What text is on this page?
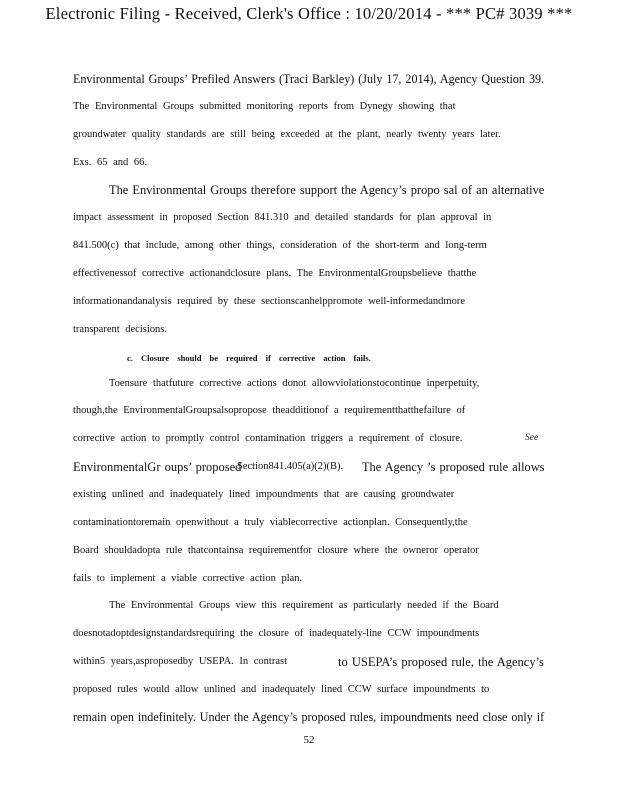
Electronic Filing - Received, Clerk's Office : 10/20/2014 - *** PC# 3039 ***
Environmental Groups’ Prefiled Answers (Traci Barkley) (July 17, 2014), Agency Question 39.
The Environmental Groups submitted monitoring reports from Dynegy showing that
groundwater quality standards are still being exceeded at the plant, nearly twenty years later.
Exs. 65 and 66.
The Environmental Groups therefore support the Agency’s propo sal of an alternative
impact assessment in proposed Section 841.310 and detailed standards for plan approval in
841.500(c) that include, among other things, consideration of the short-term and long-term
effectivenessof corrective actionandclosure plans. The EnvironmentalGroupsbelieve thatthe
informationandanalysis required by these sectionscanhelppromote well-informedandmore
transparent decisions.
c. Closure should be required if corrective action fails.
Toensure thatfuture corrective actions donot allowviolationstocontinue inperpetuity,
though,the EnvironmentalGroupsalsopropose theadditionof a requirementthatthefailure of
corrective action to promptly control contamination triggers a requirement of closure.	See
EnvironmentalGr oups’ proposed
Section841.405(a)(2)(B). The Agency ’s proposed rule allows
existing unlined and inadequately lined impoundments that are causing groundwater
contaminationtoremain openwithout a truly viablecorrective actionplan. Consequently,the
Board shouldadopta rule thatcontainsa requirementfor closure where the owneror operator
fails to implement a viable corrective action plan.
The Environmental Groups view this requirement as particularly needed if the Board
doesnotadoptdesignstandardsrequiring the closure of inadequately-line CCW impoundments
within5 years,asproposedby USEPA. In contrast	to USEPA’s proposed rule, the Agency’s
proposed rules would allow unlined and inadequately lined CCW surface impoundments to
remain open indefinitely. Under the Agency’s proposed rules, impoundments need close only if
52
